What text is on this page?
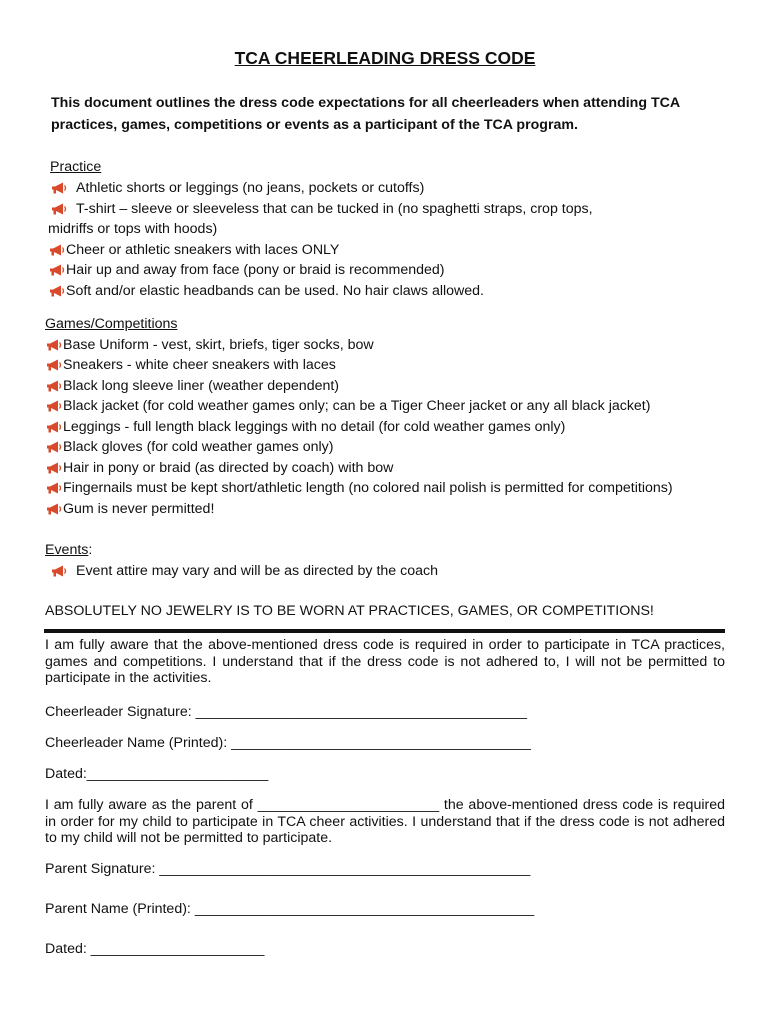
TCA CHEERLEADING DRESS CODE
This document outlines the dress code expectations for all cheerleaders when attending TCA practices, games, competitions or events as a participant of the TCA program.
Practice
Athletic shorts or leggings (no jeans, pockets or cutoffs)
T-shirt – sleeve or sleeveless that can be tucked in (no spaghetti straps, crop tops,
midriffs or tops with hoods)
Cheer or athletic sneakers with laces ONLY
Hair up and away from face (pony or braid is recommended)
Soft and/or elastic headbands can be used. No hair claws allowed.
Games/Competitions
Base Uniform - vest, skirt, briefs, tiger socks, bow
Sneakers - white cheer sneakers with laces
Black long sleeve liner (weather dependent)
Black jacket (for cold weather games only; can be a Tiger Cheer jacket or any all black jacket)
Leggings - full length black leggings with no detail (for cold weather games only)
Black gloves (for cold weather games only)
Hair in pony or braid (as directed by coach) with bow
Fingernails must be kept short/athletic length (no colored nail polish is permitted for competitions)
Gum is never permitted!
Events:
Event attire may vary and will be as directed by the coach
ABSOLUTELY NO JEWELRY IS TO BE WORN AT PRACTICES, GAMES, OR COMPETITIONS!
I am fully aware that the above-mentioned dress code is required in order to participate in TCA practices, games and competitions. I understand that if the dress code is not adhered to, I will not be permitted to participate in the activities.
Cheerleader Signature: __________________________________________
Cheerleader Name (Printed): ______________________________________
Dated:_______________________
I am fully aware as the parent of _______________________ the above-mentioned dress code is required in order for my child to participate in TCA cheer activities. I understand that if the dress code is not adhered to my child will not be permitted to participate.
Parent Signature: _______________________________________________
Parent Name (Printed): ___________________________________________
Dated: ______________________
